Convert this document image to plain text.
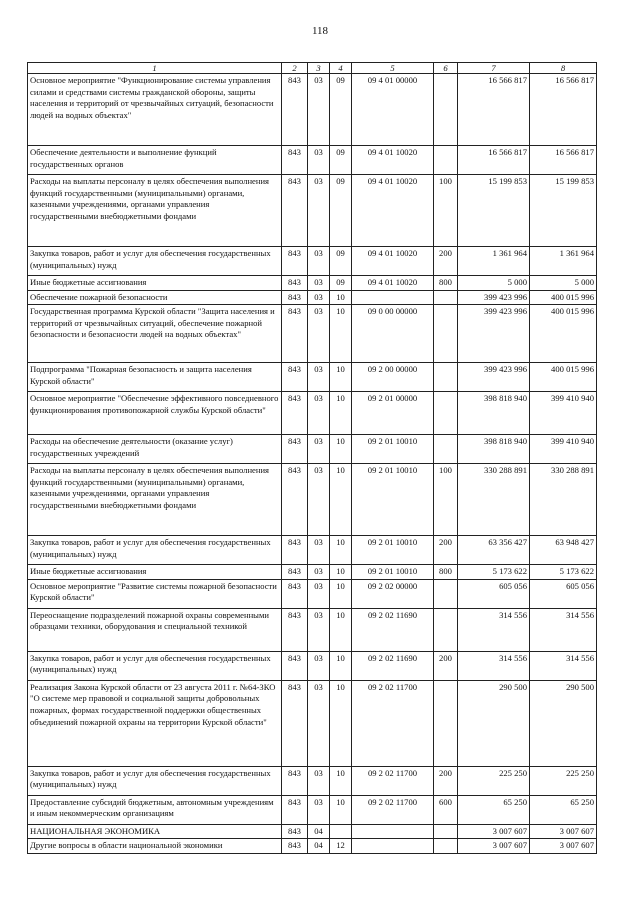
118
1	2	3	4	5	6	7	8
Основное мероприятие "Функционирование системы управления силами и средствами системы гражданской обороны, защиты населения и территорий от чрезвычайных ситуаций, безопасности людей на водных объектах"	843	03	09	09 4 01 00000		16 566 817	16 566 817
Обеспечение деятельности и выполнение функций государственных органов	843	03	09	09 4 01 10020		16 566 817	16 566 817
Расходы на выплаты персоналу в целях обеспечения выполнения функций государственными (муниципальными) органами, казенными учреждениями, органами управления государственными внебюджетными фондами	843	03	09	09 4 01 10020	100	15 199 853	15 199 853
Закупка товаров, работ и услуг для обеспечения государственных (муниципальных) нужд	843	03	09	09 4 01 10020	200	1 361 964	1 361 964
Иные бюджетные ассигнования	843	03	09	09 4 01 10020	800	5 000	5 000
Обеспечение пожарной безопасности	843	03	10			399 423 996	400 015 996
Государственная программа Курской области "Защита населения и территорий от чрезвычайных ситуаций, обеспечение пожарной безопасности и безопасности людей на водных объектах"	843	03	10	09 0 00 00000		399 423 996	400 015 996
Подпрограмма "Пожарная безопасность и защита населения Курской области"	843	03	10	09 2 00 00000		399 423 996	400 015 996
Основное мероприятие "Обеспечение эффективного повседневного функционирования противопожарной службы Курской области"	843	03	10	09 2 01 00000		398 818 940	399 410 940
Расходы на обеспечение деятельности (оказание услуг) государственных учреждений	843	03	10	09 2 01 10010		398 818 940	399 410 940
Расходы на выплаты персоналу в целях обеспечения выполнения функций государственными (муниципальными) органами, казенными учреждениями, органами управления государственными внебюджетными фондами	843	03	10	09 2 01 10010	100	330 288 891	330 288 891
Закупка товаров, работ и услуг для обеспечения государственных (муниципальных) нужд	843	03	10	09 2 01 10010	200	63 356 427	63 948 427
Иные бюджетные ассигнования	843	03	10	09 2 01 10010	800	5 173 622	5 173 622
Основное мероприятие "Развитие системы пожарной безопасности Курской области"	843	03	10	09 2 02 00000		605 056	605 056
Переоснащение подразделений пожарной охраны современными образцами техники, оборудования и специальной техникой	843	03	10	09 2 02 11690		314 556	314 556
Закупка товаров, работ и услуг для обеспечения государственных (муниципальных) нужд	843	03	10	09 2 02 11690	200	314 556	314 556
Реализация Закона Курской области от 23 августа 2011 г. №64-ЗКО "О системе мер правовой и социальной защиты добровольных пожарных, формах государственной поддержки общественных объединений пожарной охраны на территории Курской области"	843	03	10	09 2 02 11700		290 500	290 500
Закупка товаров, работ и услуг для обеспечения государственных (муниципальных) нужд	843	03	10	09 2 02 11700	200	225 250	225 250
Предоставление субсидий бюджетным, автономным учреждениям и иным некоммерческим организациям	843	03	10	09 2 02 11700	600	65 250	65 250
НАЦИОНАЛЬНАЯ ЭКОНОМИКА	843	04				3 007 607	3 007 607
Другие вопросы в области национальной экономики	843	04	12			3 007 607	3 007 607
